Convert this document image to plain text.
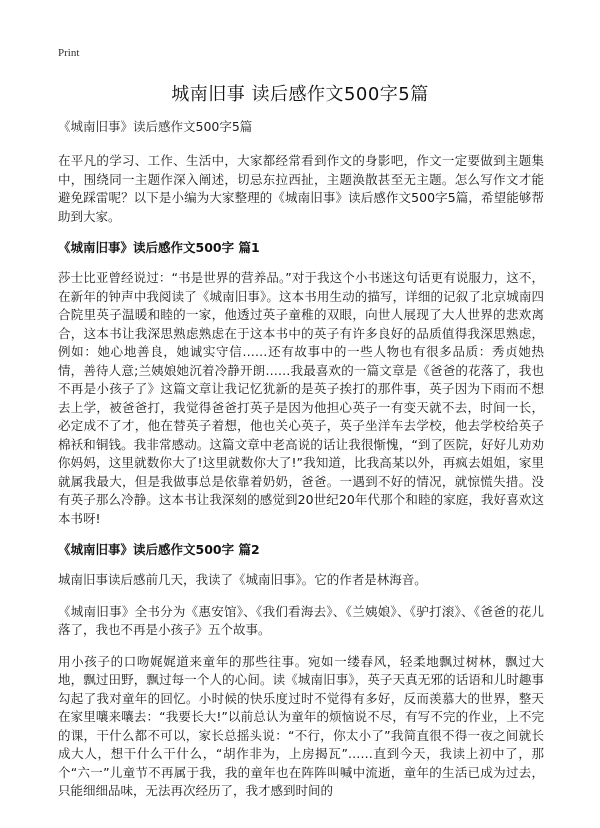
Print
城南旧事 读后感作文500字5篇

《城南旧事》读后感作文500字5篇

在平凡的学习、工作、生活中，大家都经常看到作文的身影吧，作文一定要做到主题集中，围绕同一主题作深入阐述，切忌东拉西扯，主题涣散甚至无主题。怎么写作文才能避免踩雷呢？以下是小编为大家整理的《城南旧事》读后感作文500字5篇，希望能够帮助到大家。

《城南旧事》读后感作文500字 篇1

莎士比亚曾经说过：“书是世界的营养品。”对于我这个小书迷这句话更有说服力，这不，在新年的钟声中我阅读了《城南旧事》。这本书用生动的描写，详细的记叙了北京城南四合院里英子温暖和睦的一家，他透过英子童稚的双眼，向世人展现了大人世界的悲欢离合，这本书让我深思熟虑熟虑在于这本书中的英子有许多良好的品质值得我深思熟虑，例如：她心地善良，她诚实守信……还有故事中的一些人物也有很多品质：秀贞她热情，善待人意;兰姨娘她沉着冷静开朗……我最喜欢的一篇文章是《爸爸的花落了，我也不再是小孩子了》这篇文章让我记忆犹新的是英子挨打的那件事，英子因为下雨而不想去上学，被爸爸打，我觉得爸爸打英子是因为他担心英子一有变天就不去，时间一长，必定成不了才，他在替英子着想，他也关心英子，英子坐洋车去学校，他去学校给英子棉袄和铜钱。我非常感动。这篇文章中老高说的话让我很惭愧，“到了医院，好好儿劝劝你妈妈，这里就数你大了!这里就数你大了!”我知道，比我高某以外，再疯去姐姐，家里就属我最大，但是我做事总是依靠着奶奶，爸爸。一遇到不好的情况，就惊慌失措。没有英子那么冷静。这本书让我深刻的感觉到20世纪20年代那个和睦的家庭，我好喜欢这本书呀!

《城南旧事》读后感作文500字 篇2

城南旧事读后感前几天，我读了《城南旧事》。它的作者是林海音。

《城南旧事》全书分为《惠安馆》、《我们看海去》、《兰姨娘》、《驴打滚》、《爸爸的花儿落了，我也不再是小孩子》五个故事。

用小孩子的口吻娓娓道来童年的那些往事。宛如一缕春风，轻柔地飘过树林，飘过大地，飘过田野，飘过每一个人的心间。读《城南旧事》，英子天真无邪的话语和儿时趣事勾起了我对童年的回忆。小时候的快乐度过时不觉得有多好，反而羡慕大的世界，整天在家里嚷来嚷去：“我要长大!”以前总认为童年的烦恼说不尽，有写不完的作业，上不完的课，干什么都不可以，家长总摇头说：“不行，你太小了”我简直很不得一夜之间就长成大人，想干什么干什么，“胡作非为，上房揭瓦”……直到今天，我读上初中了，那个“六一”儿童节不再属于我，我的童年也在阵阵叫喊中流逝，童年的生活已成为过去，只能细细品味，无法再次经历了，我才感到时间的
